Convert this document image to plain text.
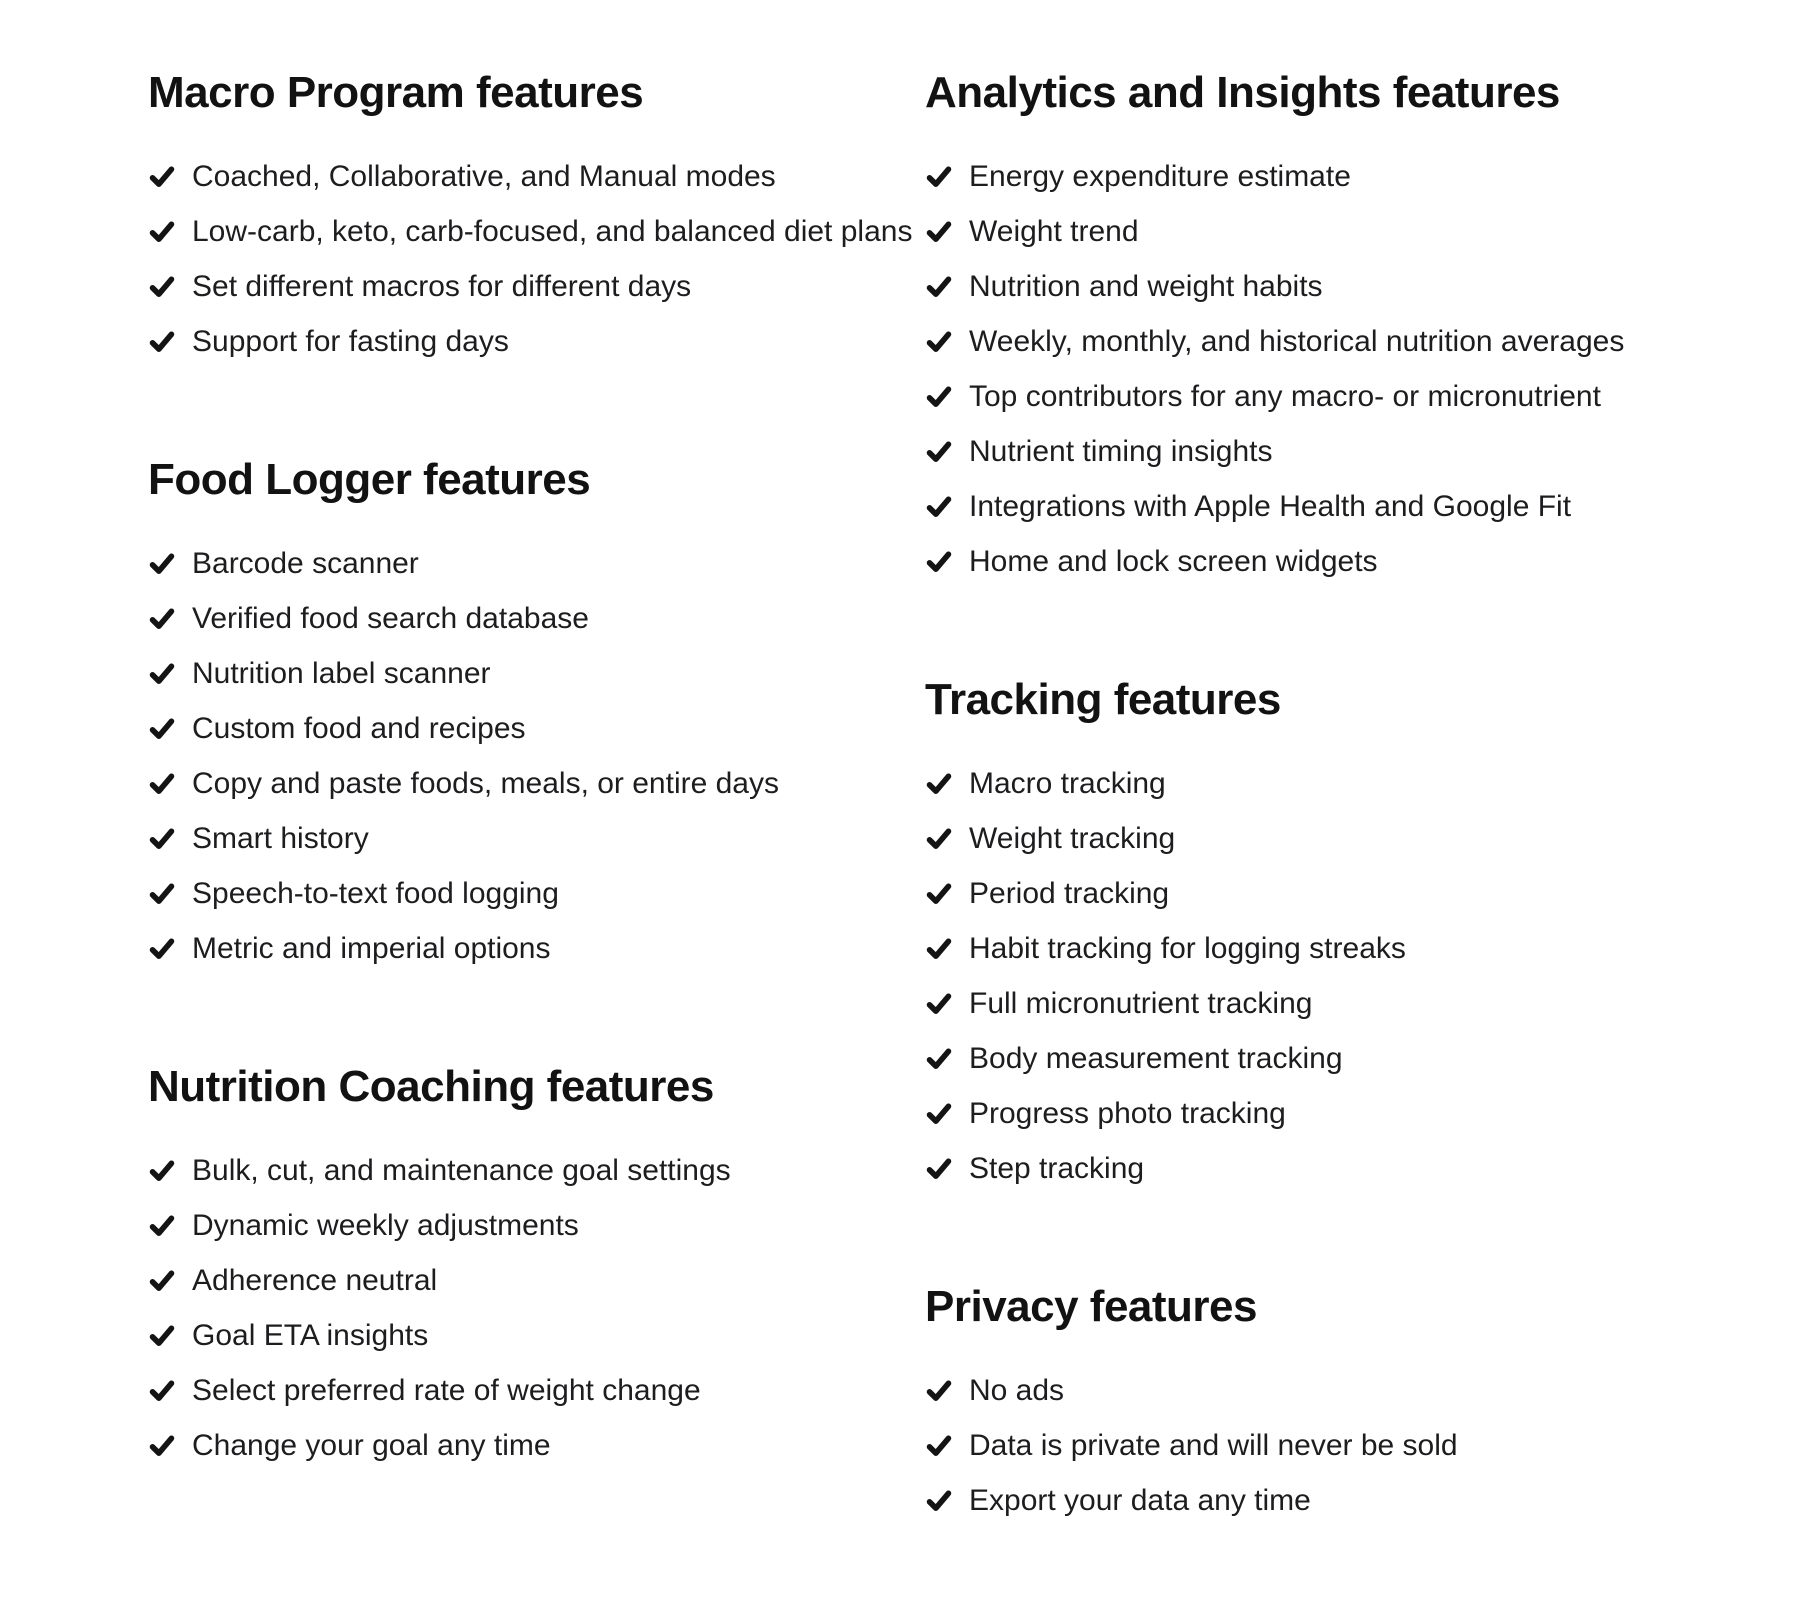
Macro Program features
Coached, Collaborative, and Manual modes
Low-carb, keto, carb-focused, and balanced diet plans
Set different macros for different days
Support for fasting days
Food Logger features
Barcode scanner
Verified food search database
Nutrition label scanner
Custom food and recipes
Copy and paste foods, meals, or entire days
Smart history
Speech-to-text food logging
Metric and imperial options
Nutrition Coaching features
Bulk, cut, and maintenance goal settings
Dynamic weekly adjustments
Adherence neutral
Goal ETA insights
Select preferred rate of weight change
Change your goal any time
Analytics and Insights features
Energy expenditure estimate
Weight trend
Nutrition and weight habits
Weekly, monthly, and historical nutrition averages
Top contributors for any macro- or micronutrient
Nutrient timing insights
Integrations with Apple Health and Google Fit
Home and lock screen widgets
Tracking features
Macro tracking
Weight tracking
Period tracking
Habit tracking for logging streaks
Full micronutrient tracking
Body measurement tracking
Progress photo tracking
Step tracking
Privacy features
No ads
Data is private and will never be sold
Export your data any time
